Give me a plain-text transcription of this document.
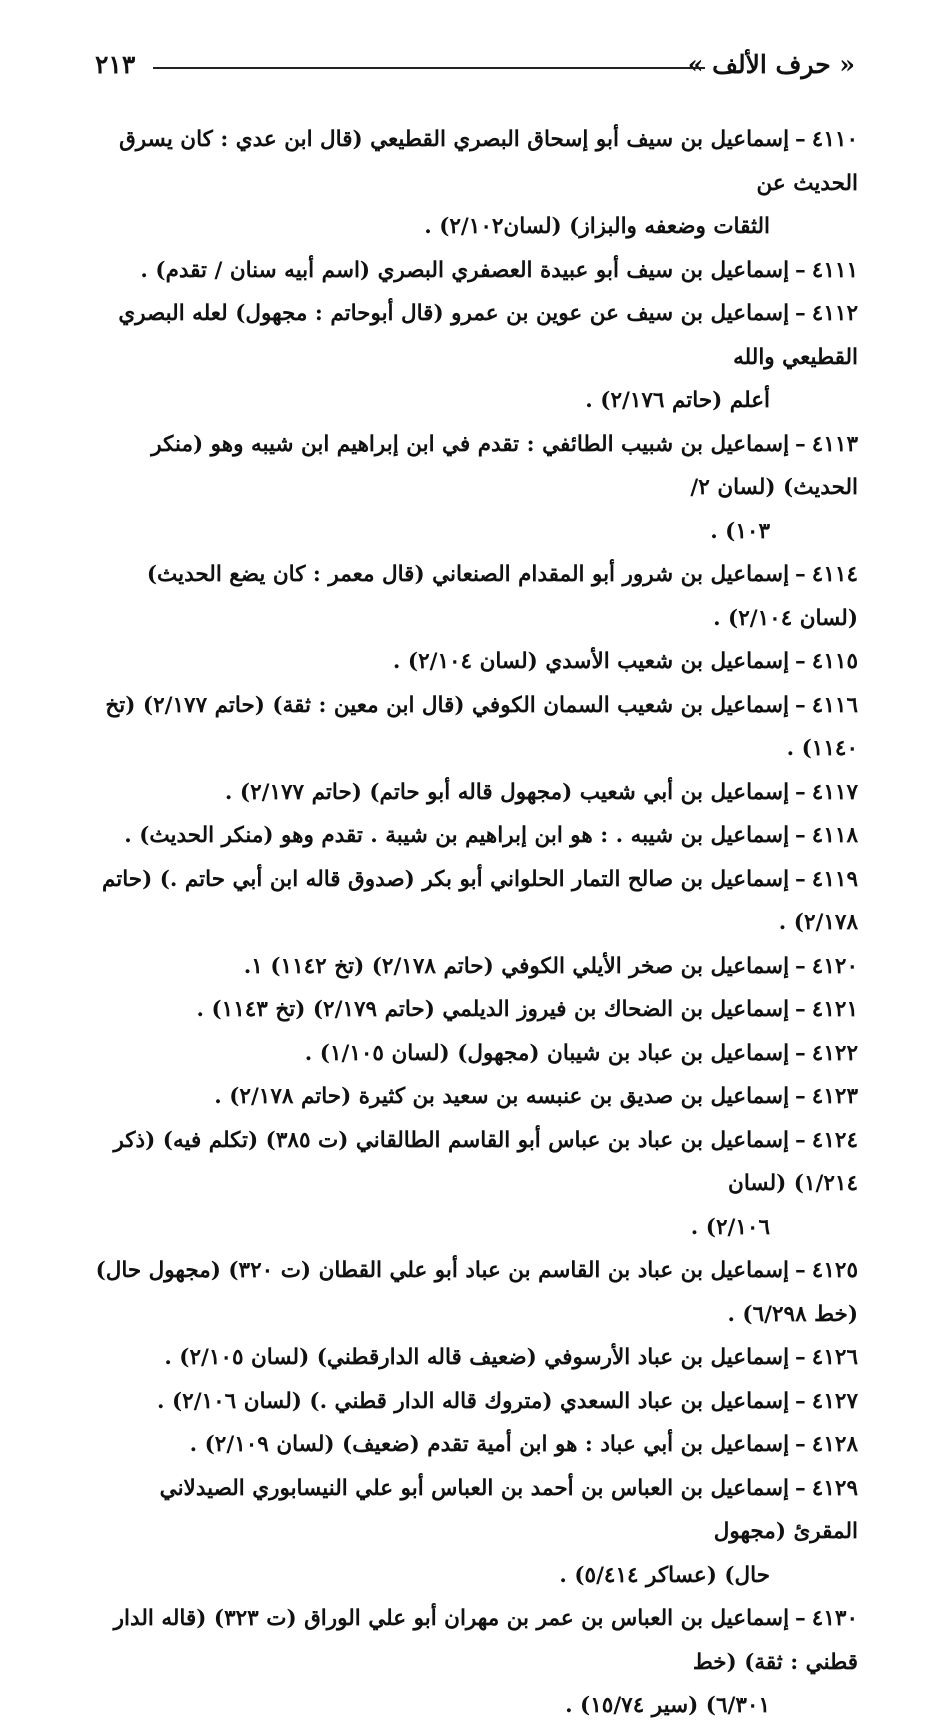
« حرف الألف »
٢١٣
٤١١٠–إسماعيل بن سيف أبو إسحاق البصري القطيعي (قال ابن عدي : كان يسرق الحديث عن
الثقات وضعفه والبزاز) (لسان٢/١٠٢) .
٤١١١–إسماعيل بن سيف أبو عبيدة العصفري البصري (اسم أبيه سنان / تقدم) .
٤١١٢–إسماعيل بن سيف عن عوين بن عمرو (قال أبوحاتم : مجهول) لعله البصري القطيعي والله
أعلم (حاتم ٢/١٧٦) .
٤١١٣–إسماعيل بن شبيب الطائفي : تقدم في ابن إبراهيم ابن شيبه وهو (منكر الحديث) (لسان ٢/
١٠٣) .
٤١١٤–إسماعيل بن شرور أبو المقدام الصنعاني (قال معمر : كان يضع الحديث) (لسان ٢/١٠٤) .
٤١١٥–إسماعيل بن شعيب الأسدي (لسان ٢/١٠٤) .
٤١١٦–إسماعيل بن شعيب السمان الكوفي (قال ابن معين : ثقة) (حاتم ٢/١٧٧) (تخ ١١٤٠) .
٤١١٧–إسماعيل بن أبي شعيب (مجهول قاله أبو حاتم) (حاتم ٢/١٧٧) .
٤١١٨–إسماعيل بن شيبه . : هو ابن إبراهيم بن شيبة . تقدم وهو (منكر الحديث) .
٤١١٩–إسماعيل بن صالح التمار الحلواني أبو بكر (صدوق قاله ابن أبي حاتم .) (حاتم ٢/١٧٨) .
٤١٢٠–إسماعيل بن صخر الأيلي الكوفي (حاتم ٢/١٧٨) (تخ ١١٤٢) ١.
٤١٢١–إسماعيل بن الضحاك بن فيروز الديلمي (حاتم ٢/١٧٩) (تخ ١١٤٣) .
٤١٢٢–إسماعيل بن عباد بن شيبان (مجهول) (لسان ١/١٠٥) .
٤١٢٣–إسماعيل بن صديق بن عنبسه بن سعيد بن كثيرة (حاتم ٢/١٧٨) .
٤١٢٤–إسماعيل بن عباد بن عباس أبو القاسم الطالقاني (ت ٣٨٥) (تكلم فيه) (ذكر ١/٢١٤) (لسان
٢/١٠٦) .
٤١٢٥–إسماعيل بن عباد بن القاسم بن عباد أبو علي القطان (ت ٣٢٠) (مجهول حال) (خط ٦/٢٩٨) .
٤١٢٦–إسماعيل بن عباد الأرسوفي (ضعيف قاله الدارقطني) (لسان ٢/١٠٥) .
٤١٢٧–إسماعيل بن عباد السعدي (متروك قاله الدار قطني .) (لسان ٢/١٠٦) .
٤١٢٨–إسماعيل بن أبي عباد : هو ابن أمية تقدم (ضعيف) (لسان ٢/١٠٩) .
٤١٢٩–إسماعيل بن العباس بن أحمد بن العباس أبو علي النيسابوري الصيدلاني المقرئ (مجهول
حال) (عساكر ٥/٤١٤) .
٤١٣٠–إسماعيل بن العباس بن عمر بن مهران أبو علي الوراق (ت ٣٢٣) (قاله الدار قطني : ثقة) (خط
٦/٣٠١) (سير ١٥/٧٤) .
